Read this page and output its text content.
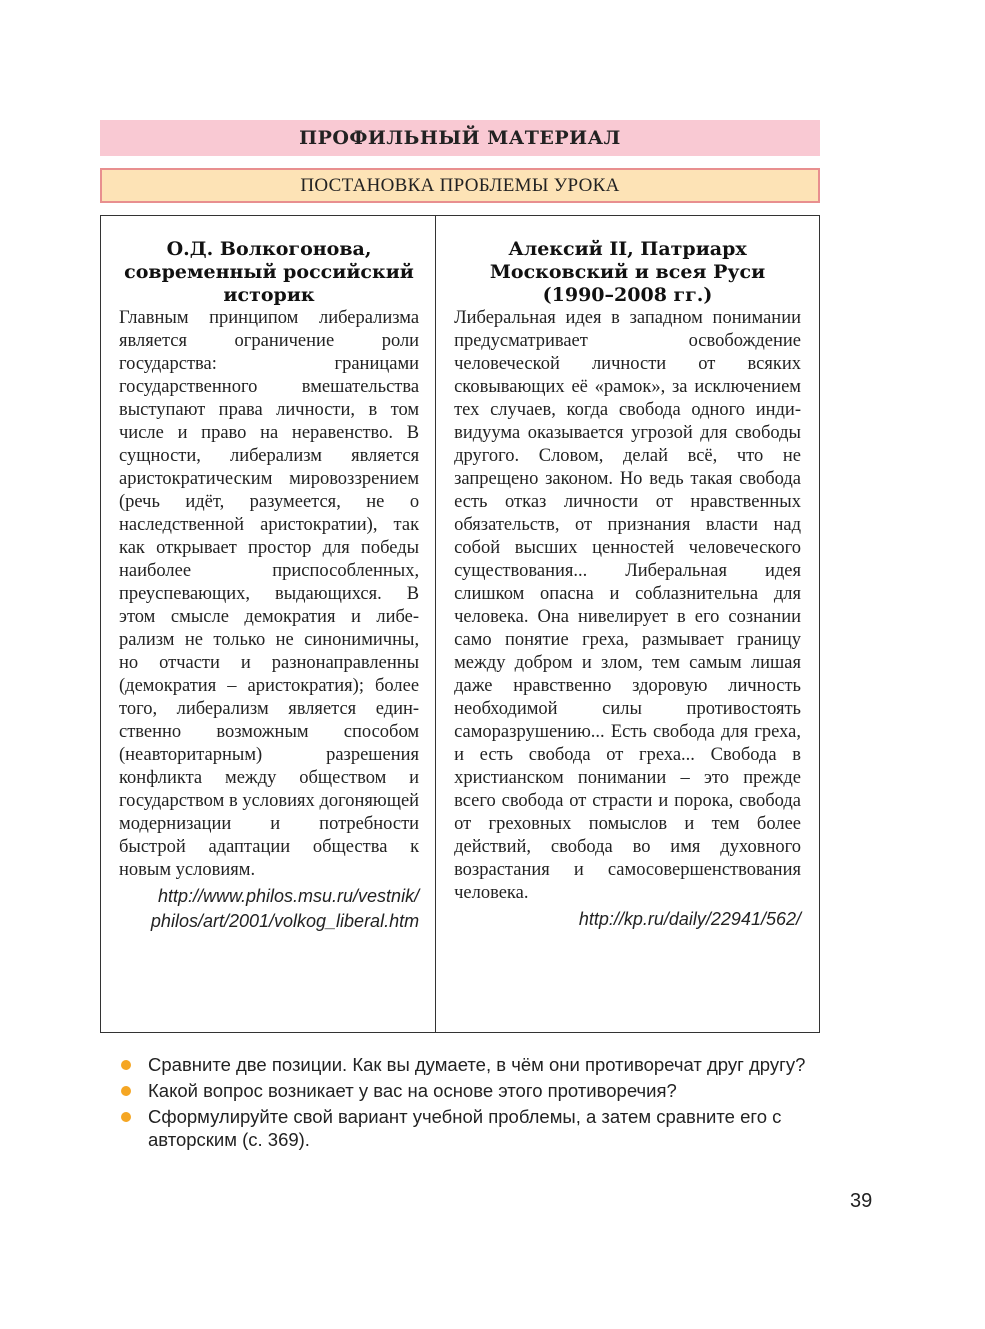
ПРОФИЛЬНЫЙ МАТЕРИАЛ
ПОСТАНОВКА ПРОБЛЕМЫ УРОКА
О.Д. Волкогонова,
современный российский
историк

Главным принципом либерализма является ограничение роли государства: границами государственного вмешательства выступают права личности, в том числе и право на неравенство. В сущности, либерализм является аристократическим мировоззрением (речь идёт, разумеется, не о наследственной аристократии), так как открывает простор для победы наиболее приспособленных, преуспевающих, выдающихся. В этом смысле демократия и либерализм не только не синонимичны, но отчасти и разнонаправленны (демократия – аристократия); более того, либерализм является единственно возможным способом (неавторитарным) разрешения конфликта между обществом и государством в условиях догоняющей модернизации и потребности быстрой адаптации общества к новым условиям.

http://www.philos.msu.ru/vestnik/
philos/art/2001/volkog_liberal.htm

Алексий II, Патриарх
Московский и всея Руси
(1990–2008 гг.)

Либеральная идея в западном понимании предусматривает освобождение человеческой личности от всяких сковывающих её «рамок», за исключением тех случаев, когда свобода одного индивидуума оказывается угрозой для свободы другого. Словом, делай всё, что не запрещено законом. Но ведь такая свобода есть отказ личности от нравственных обязательств, от признания власти над собой высших ценностей человеческого существования... Либеральная идея слишком опасна и соблазнительна для человека. Она нивелирует в его сознании само понятие греха, размывает границу между добром и злом, тем самым лишая даже нравственно здоровую личность необходимой силы противостоять саморазрушению... Есть свобода для греха, и есть свобода от греха... Свобода в христианском понимании – это прежде всего свобода от страсти и порока, свобода от греховных помыслов и тем более действий, свобода во имя духовного возрастания и самосовершенствования человека.

http://kp.ru/daily/22941/562/

Сравните две позиции. Как вы думаете, в чём они противоречат друг другу?
Какой вопрос возникает у вас на основе этого противоречия?
Сформулируйте свой вариант учебной проблемы, а затем сравните его с авторским (с. 369).
39
